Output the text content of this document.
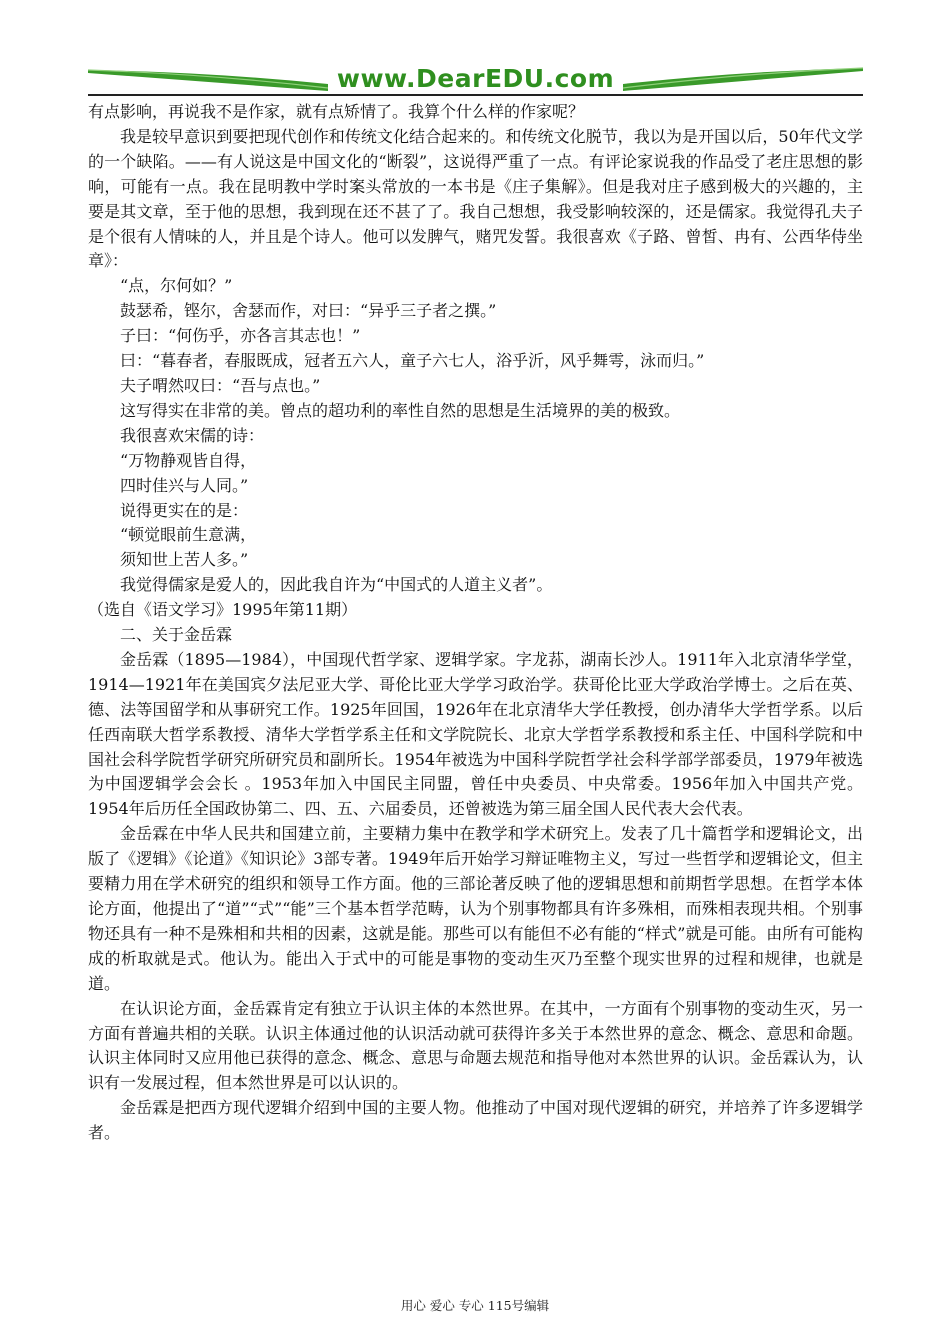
www.DearEDU.com

有点影响，再说我不是作家，就有点矫情了。我算个什么样的作家呢？

我是较早意识到要把现代创作和传统文化结合起来的。和传统文化脱节，我以为是开国以后，50年代文学的一个缺陷。——有人说这是中国文化的“断裂”，这说得严重了一点。有评论家说我的作品受了老庄思想的影响，可能有一点。我在昆明教中学时案头常放的一本书是《庄子集解》。但是我对庄子感到极大的兴趣的，主要是其文章，至于他的思想，我到现在还不甚了了。我自己想想，我受影响较深的，还是儒家。我觉得孔夫子是个很有人情味的人，并且是个诗人。他可以发脾气，赌咒发誓。我很喜欢《子路、曾皙、冉有、公西华侍坐章》：

“点，尔何如？”

鼓瑟希，铿尔，舍瑟而作，对曰：“异乎三子者之撰。”

子曰：“何伤乎，亦各言其志也！”

曰：“暮春者，春服既成，冠者五六人，童子六七人，浴乎沂，风乎舞雩，泳而归。”

夫子喟然叹曰：“吾与点也。”

这写得实在非常的美。曾点的超功利的率性自然的思想是生活境界的美的极致。

我很喜欢宋儒的诗：

“万物静观皆自得，

四时佳兴与人同。”

说得更实在的是：

“顿觉眼前生意满，

须知世上苦人多。”

我觉得儒家是爱人的，因此我自许为“中国式的人道主义者”。

（选自《语文学习》1995年第11期）

二、关于金岳霖

金岳霖（1895—1984），中国现代哲学家、逻辑学家。字龙荪，湖南长沙人。1911年入北京清华学堂，1914—1921年在美国宾夕法尼亚大学、哥伦比亚大学学习政治学。获哥伦比亚大学政治学博士。之后在英、德、法等国留学和从事研究工作。1925年回国，1926年在北京清华大学任教授，创办清华大学哲学系。以后任西南联大哲学系教授、清华大学哲学系主任和文学院院长、北京大学哲学系教授和系主任、中国科学院和中国社会科学院哲学研究所研究员和副所长。1954年被选为中国科学院哲学社会科学部学部委员，1979年被选为中国逻辑学会会长 。1953年加入中国民主同盟，曾任中央委员、中央常委。1956年加入中国共产党。1954年后历任全国政协第二、四、五、六届委员，还曾被选为第三届全国人民代表大会代表。

金岳霖在中华人民共和国建立前，主要精力集中在教学和学术研究上。发表了几十篇哲学和逻辑论文，出版了《逻辑》《论道》《知识论》3部专著。1949年后开始学习辩证唯物主义，写过一些哲学和逻辑论文，但主要精力用在学术研究的组织和领导工作方面。他的三部论著反映了他的逻辑思想和前期哲学思想。在哲学本体论方面，他提出了“道”“式”“能”三个基本哲学范畴，认为个别事物都具有许多殊相，而殊相表现共相。个别事物还具有一种不是殊相和共相的因素，这就是能。那些可以有能但不必有能的“样式”就是可能。由所有可能构成的析取就是式。他认为。能出入于式中的可能是事物的变动生灭乃至整个现实世界的过程和规律，也就是道。

在认识论方面，金岳霖肯定有独立于认识主体的本然世界。在其中，一方面有个别事物的变动生灭，另一方面有普遍共相的关联。认识主体通过他的认识活动就可获得许多关于本然世界的意念、概念、意思和命题。认识主体同时又应用他已获得的意念、概念、意思与命题去规范和指导他对本然世界的认识。金岳霖认为，认识有一发展过程，但本然世界是可以认识的。

金岳霖是把西方现代逻辑介绍到中国的主要人物。他推动了中国对现代逻辑的研究，并培养了许多逻辑学者。

用心 爱心 专心 115号编辑
